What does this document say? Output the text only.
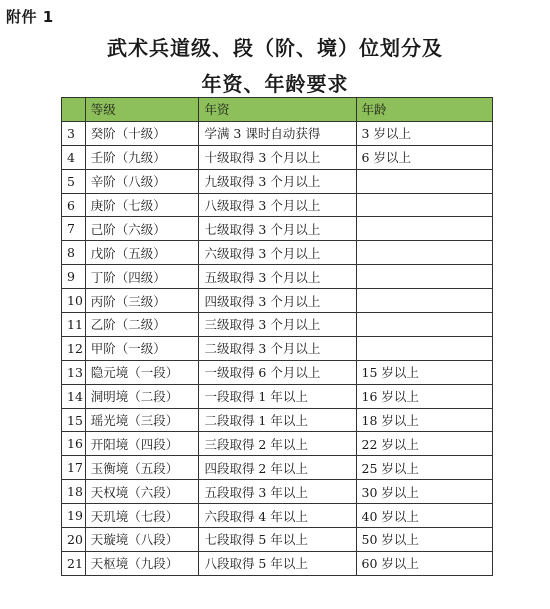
附件 1
武术兵道级、段（阶、境）位划分及
年资、年龄要求
	等级	年资	年龄
3	癸阶（十级）	学满 3 课时自动获得	3 岁以上
4	壬阶（九级）	十级取得 3 个月以上	6 岁以上
5	辛阶（八级）	九级取得 3 个月以上	
6	庚阶（七级）	八级取得 3 个月以上	
7	己阶（六级）	七级取得 3 个月以上	
8	戊阶（五级）	六级取得 3 个月以上	
9	丁阶（四级）	五级取得 3 个月以上	
10	丙阶（三级）	四级取得 3 个月以上	
11	乙阶（二级）	三级取得 3 个月以上	
12	甲阶（一级）	二级取得 3 个月以上	
13	隐元境（一段）	一级取得 6 个月以上	15 岁以上
14	洞明境（二段）	一段取得 1 年以上	16 岁以上
15	瑶光境（三段）	二段取得 1 年以上	18 岁以上
16	开阳境（四段）	三段取得 2 年以上	22 岁以上
17	玉衡境（五段）	四段取得 2 年以上	25 岁以上
18	天权境（六段）	五段取得 3 年以上	30 岁以上
19	天玑境（七段）	六段取得 4 年以上	40 岁以上
20	天璇境（八段）	七段取得 5 年以上	50 岁以上
21	天枢境（九段）	八段取得 5 年以上	60 岁以上
